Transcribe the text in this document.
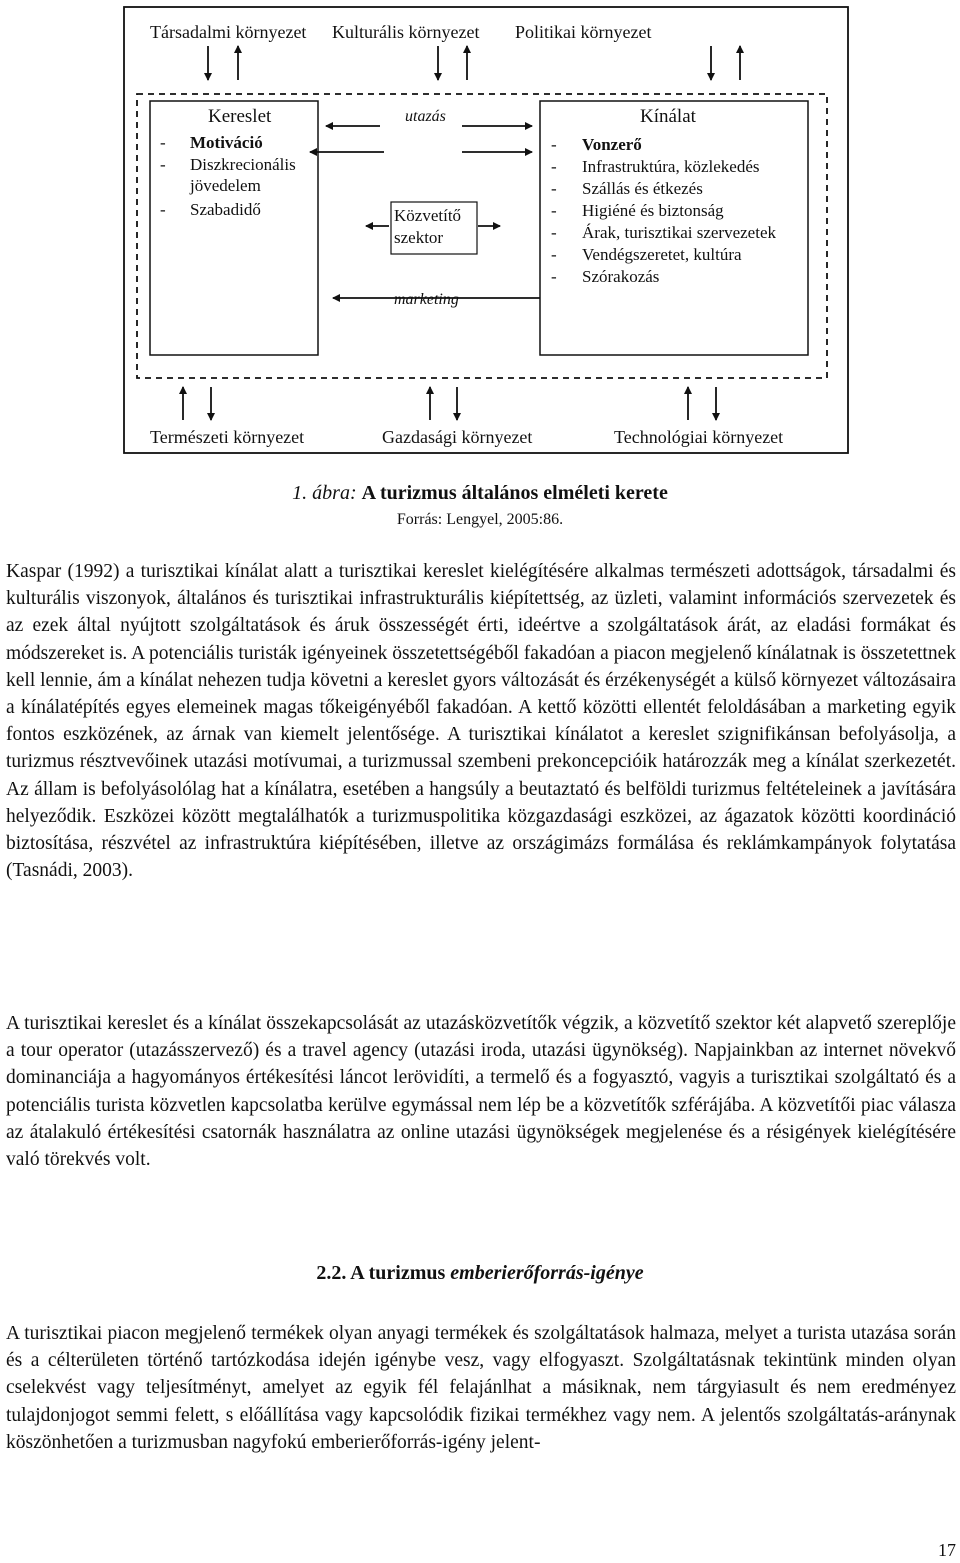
Társadalmi környezet Kulturális környezet Politikai környezet
Kereslet
- Motiváció
- Diszkrecionális jövedelem
- Szabadidő
utazás
Közvetítő szektor
marketing
Kínálat
- Vonzerő
- Infrastruktúra, közlekedés
- Szállás és étkezés
- Higiéné és biztonság
- Árak, turisztikai szervezetek
- Vendégszeretet, kultúra
- Szórakozás
Természeti környezet	Gazdasági környezet	Technológiai környezet
1. ábra: A turizmus általános elméleti kerete
Forrás: Lengyel, 2005:86.

Kaspar (1992) a turisztikai kínálat alatt a turisztikai kereslet kielégítésére alkalmas természeti adottságok, társadalmi és kulturális viszonyok, általános és turisztikai infrastrukturális kiépítettség, az üzleti, valamint információs szervezetek és az ezek által nyújtott szolgáltatások és áruk összességét érti, ideértve a szolgáltatások árát, az eladási formákat és módszereket is. A potenciális turisták igényeinek összetettségéből fakadóan a piacon megjelenő kínálatnak is összetettnek kell lennie, ám a kínálat nehezen tudja követni a kereslet gyors változását és érzékenységét a külső környezet változásaira a kínálatépítés egyes elemeinek magas tőkeigényéből fakadóan. A kettő közötti ellentét feloldásában a marketing egyik fontos eszközének, az árnak van kiemelt jelentősége. A turisztikai kínálatot a kereslet szignifikánsan befolyásolja, a turizmus résztvevőinek utazási motívumai, a turizmussal szembeni prekoncepcióik határozzák meg a kínálat szerkezetét. Az állam is befolyásolólag hat a kínálatra, esetében a hangsúly a beutaztató és belföldi turizmus feltételeinek a javítására helyeződik. Eszközei között megtalálhatók a turizmuspolitika közgazdasági eszközei, az ágazatok közötti koordináció biztosítása, részvétel az infrastruktúra kiépítésében, illetve az országimázs formálása és reklámkampányok folytatása (Tasnádi, 2003).

A turisztikai kereslet és a kínálat összekapcsolását az utazásközvetítők végzik, a közvetítő szektor két alapvető szereplője a tour operator (utazásszervező) és a travel agency (utazási iroda, utazási ügynökség). Napjainkban az internet növekvő dominanciája a hagyományos értékesítési láncot lerövidíti, a termelő és a fogyasztó, vagyis a turisztikai szolgáltató és a potenciális turista közvetlen kapcsolatba kerülve egymással nem lép be a közvetítők szférájába. A közvetítői piac válasza az átalakuló értékesítési csatornák használatra az online utazási ügynökségek megjelenése és a résigények kielégítésére való törekvés volt.

2.2. A turizmus emberierőforrás-igénye

A turisztikai piacon megjelenő termékek olyan anyagi termékek és szolgáltatások halmaza, melyet a turista utazása során és a célterületen történő tartózkodása idején igénybe vesz, vagy elfogyaszt. Szolgáltatásnak tekintünk minden olyan cselekvést vagy teljesítményt, amelyet az egyik fél felajánlhat a másiknak, nem tárgyiasult és nem eredményez tulajdonjogot semmi felett, s előállítása vagy kapcsolódik fizikai termékhez vagy nem. A jelentős szolgáltatás-aránynak köszönhetően a turizmusban nagyfokú emberierőforrás-igény jelent-

17
